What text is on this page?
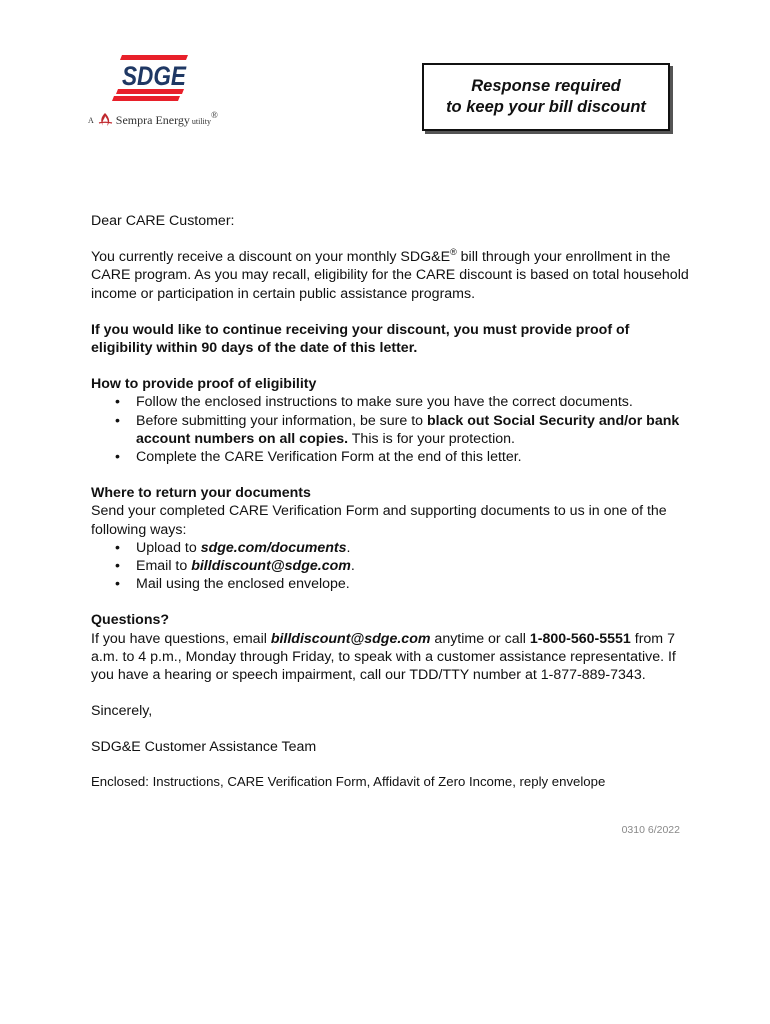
SDGE
A Sempra Energy utility®
Response required
to keep your bill discount

Dear CARE Customer:

You currently receive a discount on your monthly SDG&E® bill through your enrollment in the CARE program. As you may recall, eligibility for the CARE discount is based on total household income or participation in certain public assistance programs.

If you would like to continue receiving your discount, you must provide proof of eligibility within 90 days of the date of this letter.

How to provide proof of eligibility

• Follow the enclosed instructions to make sure you have the correct documents.
• Before submitting your information, be sure to black out Social Security and/or bank account numbers on all copies. This is for your protection.
• Complete the CARE Verification Form at the end of this letter.

Where to return your documents

Send your completed CARE Verification Form and supporting documents to us in one of the following ways:

• Upload to sdge.com/documents.
• Email to billdiscount@sdge.com.
• Mail using the enclosed envelope.

Questions?

If you have questions, email billdiscount@sdge.com anytime or call 1-800-560-5551 from 7 a.m. to 4 p.m., Monday through Friday, to speak with a customer assistance representative. If you have a hearing or speech impairment, call our TDD/TTY number at 1-877-889-7343.

Sincerely,

SDG&E Customer Assistance Team

Enclosed: Instructions, CARE Verification Form, Affidavit of Zero Income, reply envelope

0310 6/2022
